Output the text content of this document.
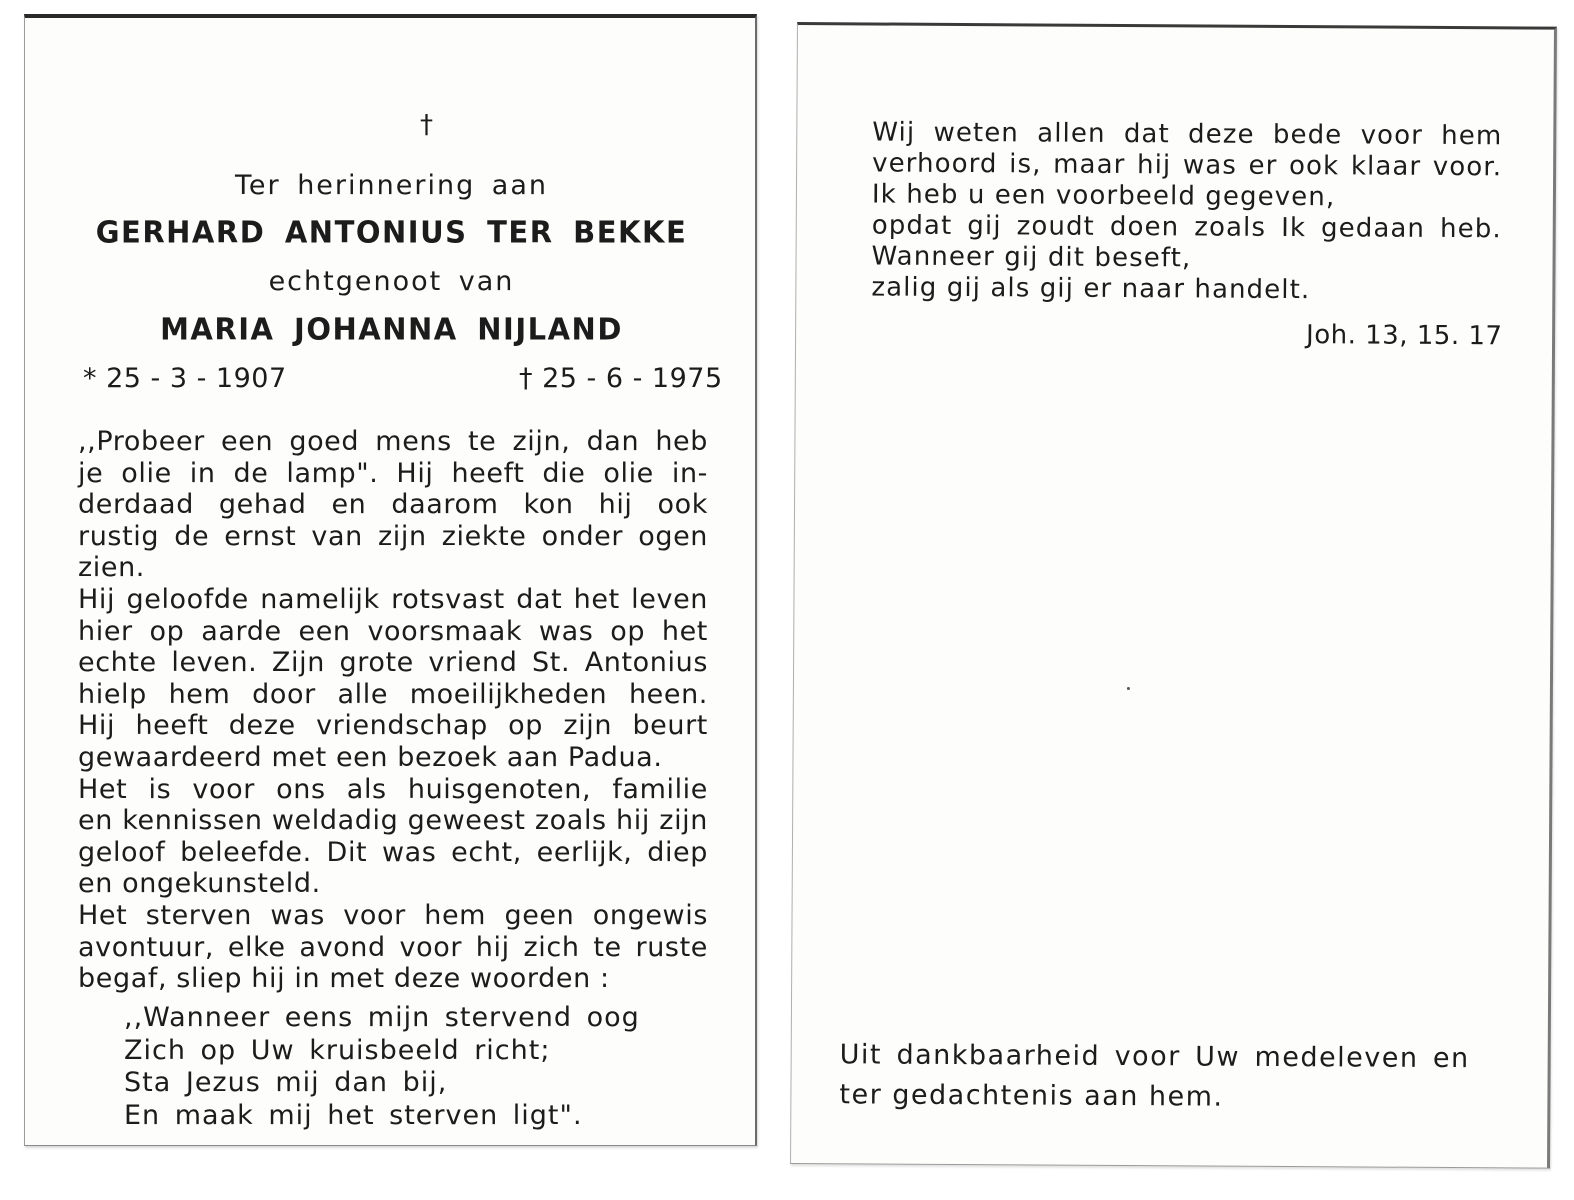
†
Ter herinnering aan
GERHARD ANTONIUS TER BEKKE
echtgenoot van
MARIA JOHANNA NIJLAND
* 25 - 3 - 1907	† 25 - 6 - 1975
,,Probeer een goed mens te zijn, dan heb
je olie in de lamp". Hij heeft die olie in-
derdaad gehad en daarom kon hij ook
rustig de ernst van zijn ziekte onder ogen
zien.
Hij geloofde namelijk rotsvast dat het leven
hier op aarde een voorsmaak was op het
echte leven. Zijn grote vriend St. Antonius
hielp hem door alle moeilijkheden heen.
Hij heeft deze vriendschap op zijn beurt
gewaardeerd met een bezoek aan Padua.
Het is voor ons als huisgenoten, familie
en kennissen weldadig geweest zoals hij zijn
geloof beleefde. Dit was echt, eerlijk, diep
en ongekunsteld.
Het sterven was voor hem geen ongewis
avontuur, elke avond voor hij zich te ruste
begaf, sliep hij in met deze woorden :
,,Wanneer eens mijn stervend oog
Zich op Uw kruisbeeld richt;
Sta Jezus mij dan bij,
En maak mij het sterven ligt".
Wij weten allen dat deze bede voor hem
verhoord is, maar hij was er ook klaar voor.
Ik heb u een voorbeeld gegeven,
opdat gij zoudt doen zoals Ik gedaan heb.
Wanneer gij dit beseft,
zalig gij als gij er naar handelt.
Joh. 13, 15. 17
Uit dankbaarheid voor Uw medeleven en
ter gedachtenis aan hem.
